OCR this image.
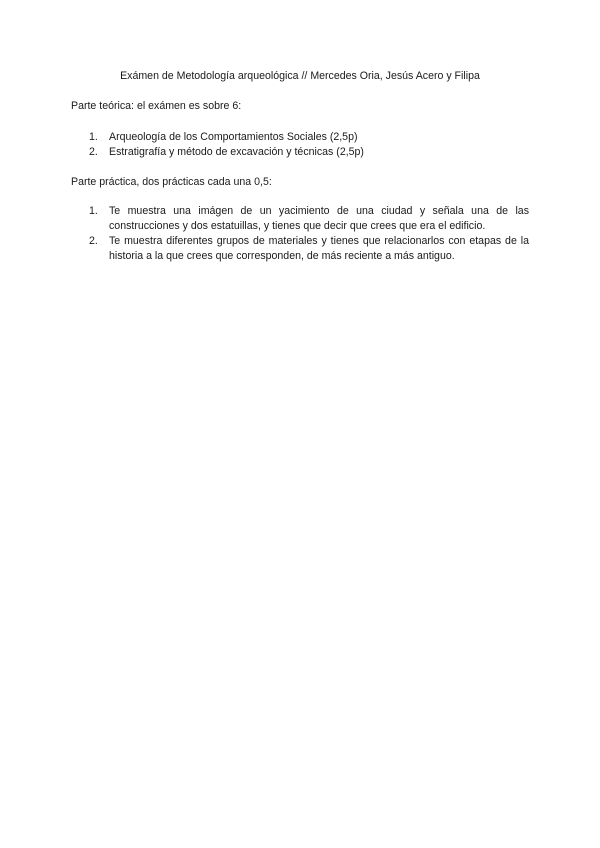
Exámen de Metodología arqueológica // Mercedes Oria, Jesús Acero y Filipa
Parte teórica: el exámen es sobre 6:
1. Arqueología de los Comportamientos Sociales (2,5p)
2. Estratigrafía y método de excavación y técnicas (2,5p)
Parte práctica, dos prácticas cada una 0,5:
1. Te muestra una imágen de un yacimiento de una ciudad y señala una de las construcciones y dos estatuillas, y tienes que decir que crees que era el edificio.
2. Te muestra diferentes grupos de materiales y tienes que relacionarlos con etapas de la historia a la que crees que corresponden, de más reciente a más antiguo.
